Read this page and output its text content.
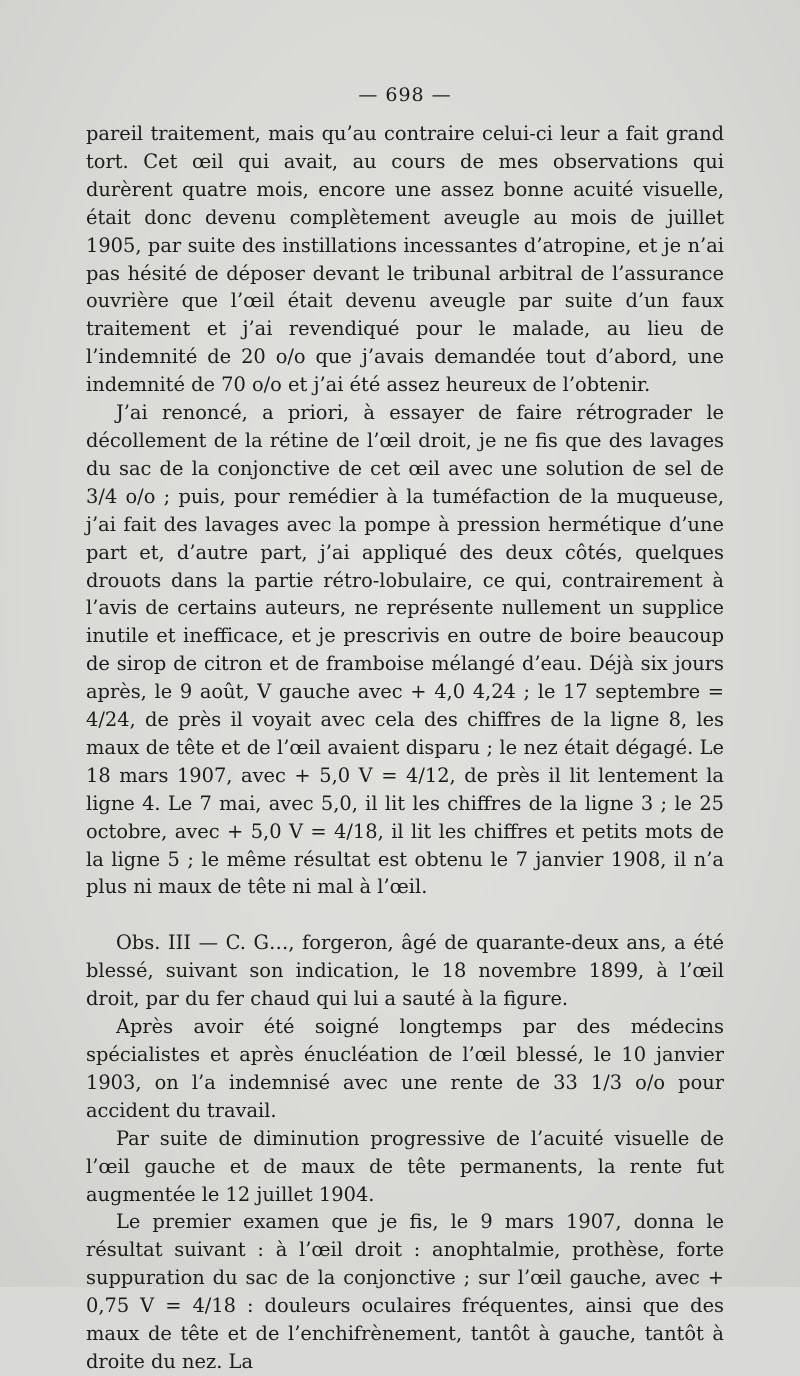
— 698 —

pareil traitement, mais qu’au contraire celui-ci leur a fait grand tort. Cet œil qui avait, au cours de mes observations qui durèrent quatre mois, encore une assez bonne acuité visuelle, était donc devenu complètement aveugle au mois de juillet 1905, par suite des instillations incessantes d’atropine, et je n’ai pas hésité de déposer devant le tribunal arbitral de l’assurance ouvrière que l’œil était devenu aveugle par suite d’un faux traitement et j’ai revendiqué pour le malade, au lieu de l’indemnité de 20 o/o que j’avais demandée tout d’abord, une indemnité de 70 o/o et j’ai été assez heureux de l’obtenir.

J’ai renoncé, a priori, à essayer de faire rétrograder le décollement de la rétine de l’œil droit, je ne fis que des lavages du sac de la conjonctive de cet œil avec une solution de sel de 3/4 o/o ; puis, pour remédier à la tuméfaction de la muqueuse, j’ai fait des lavages avec la pompe à pression hermétique d’une part et, d’autre part, j’ai appliqué des deux côtés, quelques drouots dans la partie rétro-lobulaire, ce qui, contrairement à l’avis de certains auteurs, ne représente nullement un supplice inutile et inefficace, et je prescrivis en outre de boire beaucoup de sirop de citron et de framboise mélangé d’eau. Déjà six jours après, le 9 août, V gauche avec + 4,0 4,24 ; le 17 septembre = 4/24, de près il voyait avec cela des chiffres de la ligne 8, les maux de tête et de l’œil avaient disparu ; le nez était dégagé. Le 18 mars 1907, avec + 5,0 V = 4/12, de près il lit lentement la ligne 4. Le 7 mai, avec 5,0, il lit les chiffres de la ligne 3 ; le 25 octobre, avec + 5,0 V = 4/18, il lit les chiffres et petits mots de la ligne 5 ; le même résultat est obtenu le 7 janvier 1908, il n’a plus ni maux de tête ni mal à l’œil.

Obs. III — C. G…, forgeron, âgé de quarante-deux ans, a été blessé, suivant son indication, le 18 novembre 1899, à l’œil droit, par du fer chaud qui lui a sauté à la figure.

Après avoir été soigné longtemps par des médecins spécialistes et après énucléation de l’œil blessé, le 10 janvier 1903, on l’a indemnisé avec une rente de 33 1/3 o/o pour accident du travail.

Par suite de diminution progressive de l’acuité visuelle de l’œil gauche et de maux de tête permanents, la rente fut augmentée le 12 juillet 1904.

Le premier examen que je fis, le 9 mars 1907, donna le résultat suivant : à l’œil droit : anophtalmie, prothèse, forte suppuration du sac de la conjonctive ; sur l’œil gauche, avec + 0,75 V = 4/18 : douleurs oculaires fréquentes, ainsi que des maux de tête et de l’enchifrènement, tantôt à gauche, tantôt à droite du nez. La
